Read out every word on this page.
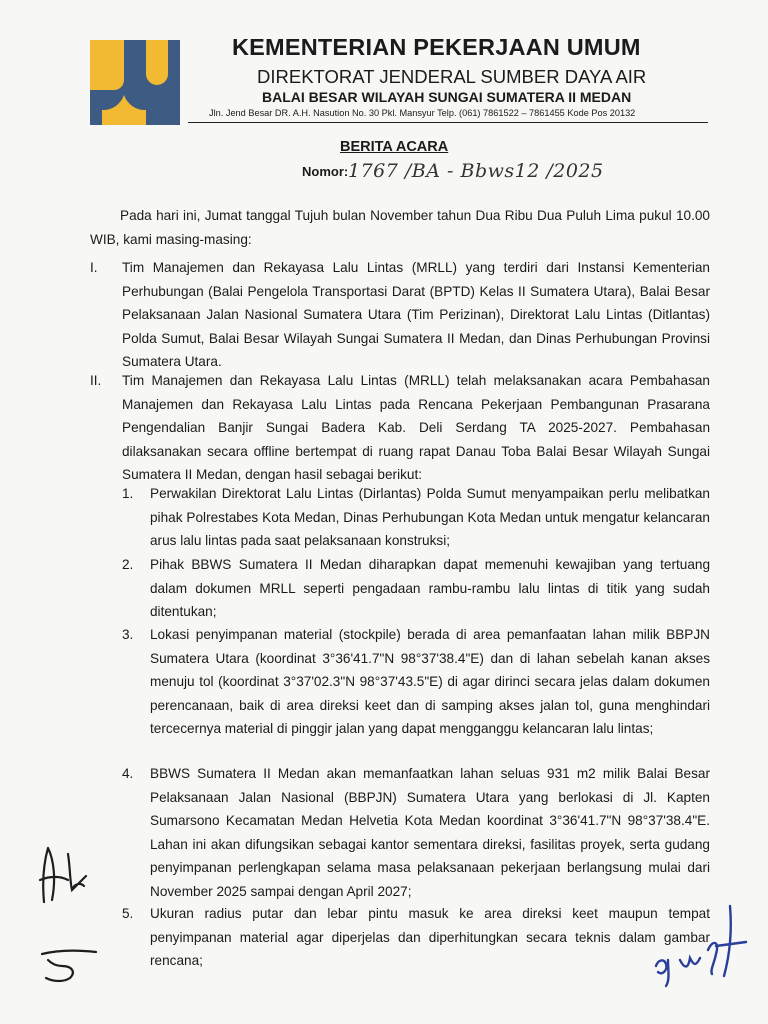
KEMENTERIAN PEKERJAAN UMUM
DIREKTORAT JENDERAL SUMBER DAYA AIR
BALAI BESAR WILAYAH SUNGAI SUMATERA II MEDAN
Jln. Jend Besar DR. A.H. Nasution No. 30 Pkl. Mansyur Telp. (061) 7861522 – 7861455 Kode Pos 20132
BERITA ACARA
Nomor: 1767 /BA - Bbws12 /2025
Pada hari ini, Jumat tanggal Tujuh bulan November tahun Dua Ribu Dua Puluh Lima pukul 10.00 WIB, kami masing-masing:
I. Tim Manajemen dan Rekayasa Lalu Lintas (MRLL) yang terdiri dari Instansi Kementerian Perhubungan (Balai Pengelola Transportasi Darat (BPTD) Kelas II Sumatera Utara), Balai Besar Pelaksanaan Jalan Nasional Sumatera Utara (Tim Perizinan), Direktorat Lalu Lintas (Ditlantas) Polda Sumut, Balai Besar Wilayah Sungai Sumatera II Medan, dan Dinas Perhubungan Provinsi Sumatera Utara.
II. Tim Manajemen dan Rekayasa Lalu Lintas (MRLL) telah melaksanakan acara Pembahasan Manajemen dan Rekayasa Lalu Lintas pada Rencana Pekerjaan Pembangunan Prasarana Pengendalian Banjir Sungai Badera Kab. Deli Serdang TA 2025-2027. Pembahasan dilaksanakan secara offline bertempat di ruang rapat Danau Toba Balai Besar Wilayah Sungai Sumatera II Medan, dengan hasil sebagai berikut:
1. Perwakilan Direktorat Lalu Lintas (Dirlantas) Polda Sumut menyampaikan perlu melibatkan pihak Polrestabes Kota Medan, Dinas Perhubungan Kota Medan untuk mengatur kelancaran arus lalu lintas pada saat pelaksanaan konstruksi;
2. Pihak BBWS Sumatera II Medan diharapkan dapat memenuhi kewajiban yang tertuang dalam dokumen MRLL seperti pengadaan rambu-rambu lalu lintas di titik yang sudah ditentukan;
3. Lokasi penyimpanan material (stockpile) berada di area pemanfaatan lahan milik BBPJN Sumatera Utara (koordinat 3°36'41.7"N 98°37'38.4"E) dan di lahan sebelah kanan akses menuju tol (koordinat 3°37'02.3"N 98°37'43.5"E) di agar dirinci secara jelas dalam dokumen perencanaan, baik di area direksi keet dan di samping akses jalan tol, guna menghindari tercecernya material di pinggir jalan yang dapat mengganggu kelancaran lalu lintas;
4. BBWS Sumatera II Medan akan memanfaatkan lahan seluas 931 m2 milik Balai Besar Pelaksanaan Jalan Nasional (BBPJN) Sumatera Utara yang berlokasi di Jl. Kapten Sumarsono Kecamatan Medan Helvetia Kota Medan koordinat 3°36'41.7"N 98°37'38.4"E. Lahan ini akan difungsikan sebagai kantor sementara direksi, fasilitas proyek, serta gudang penyimpanan perlengkapan selama masa pelaksanaan pekerjaan berlangsung mulai dari November 2025 sampai dengan April 2027;
5. Ukuran radius putar dan lebar pintu masuk ke area direksi keet maupun tempat penyimpanan material agar diperjelas dan diperhitungkan secara teknis dalam gambar rencana;
